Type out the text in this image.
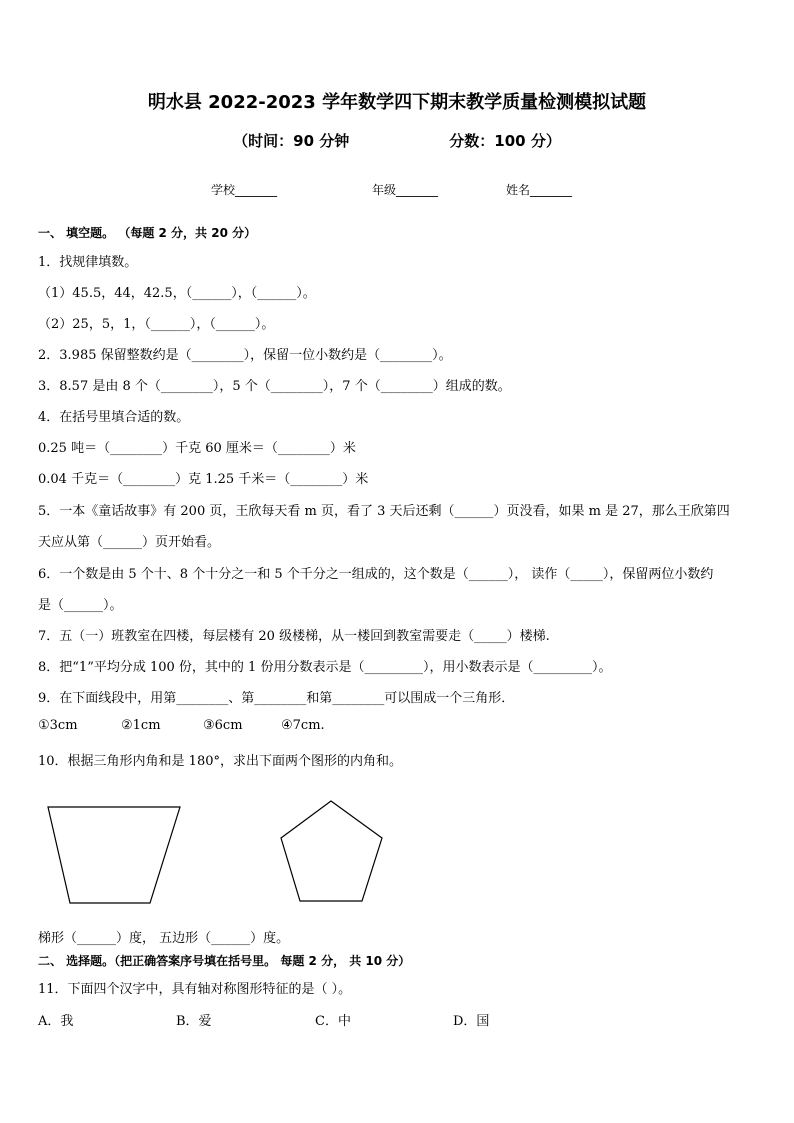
明水县 2022-2023 学年数学四下期末教学质量检测模拟试题
（时间：90 分钟	分数：100 分）
学校_______	年级_______	姓名_______
一、 填空题。 （每题 2 分，共 20 分）
1．找规律填数。
（1）45.5，44，42.5，（______），（______）。
（2）25，5，1，（______），（______）。
2．3.985 保留整数约是（________），保留一位小数约是（________）。
3．8.57 是由 8 个（________），5 个（________），7 个（________）组成的数。
4．在括号里填合适的数。
0.25 吨＝（________）千克 60 厘米＝（________）米
0.04 千克＝（________）克 1.25 千米＝（________）米
5．一本《童话故事》有 200 页，王欣每天看 m 页，看了 3 天后还剩（______）页没看，如果 m 是 27，那么王欣第四
天应从第（______）页开始看。
6．一个数是由 5 个十、8 个十分之一和 5 个千分之一组成的，这个数是（______）， 读作（_____），保留两位小数约
是（______）。
7．五（一）班教室在四楼，每层楼有 20 级楼梯，从一楼回到教室需要走（_____）楼梯.
8．把“1”平均分成 100 份，其中的 1 份用分数表示是（_________），用小数表示是（_________）。
9．在下面线段中，用第________、第________和第________可以围成一个三角形．
①3cm	②1cm	③6cm	④7cm.
10．根据三角形内角和是 180°，求出下面两个图形的内角和。
梯形（______）度， 五边形（______）度。
二、 选择题。（把正确答案序号填在括号里。 每题 2 分， 共 10 分）
11．下面四个汉字中，具有轴对称图形特征的是（ ）。
A．我	B．爱	C．中	D．国
